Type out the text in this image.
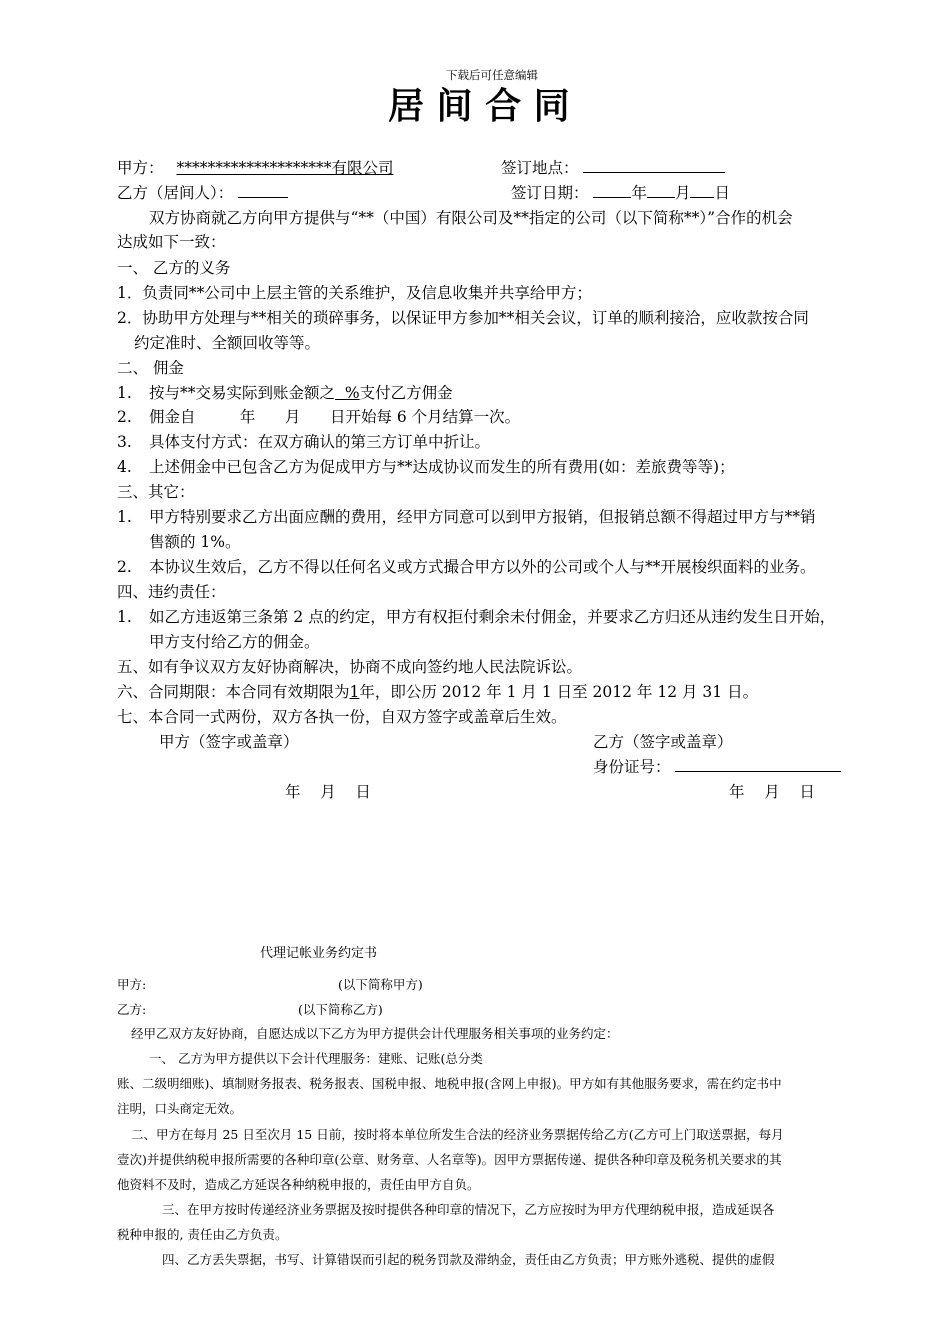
下载后可任意编辑
居 间 合 同
甲方： ********************有限公司	签订地点：
乙方（居间人）：	签订日期：	年 月 日
双方协商就乙方向甲方提供与“**（中国）有限公司及**指定的公司（以下简称**）”合作的机会
达成如下一致：
一、 乙方的义务
1．负责同**公司中上层主管的关系维护，及信息收集并共享给甲方；
2．协助甲方处理与**相关的琐碎事务，以保证甲方参加**相关会议，订单的顺利接洽，应收款按合同
约定准时、全额回收等等。
二、 佣金
1. 按与**交易实际到账金额之  %支付乙方佣金
2. 佣金自         年      月      日开始每 6 个月结算一次。
3. 具体支付方式：在双方确认的第三方订单中折让。
4. 上述佣金中已包含乙方为促成甲方与**达成协议而发生的所有费用(如：差旅费等等)；
三、其它：
1. 甲方特别要求乙方出面应酬的费用，经甲方同意可以到甲方报销，但报销总额不得超过甲方与**销
售额的 1%。
2. 本协议生效后，乙方不得以任何名义或方式撮合甲方以外的公司或个人与**开展梭织面料的业务。
四、违约责任：
1. 如乙方违返第三条第 2 点的约定，甲方有权拒付剩余未付佣金，并要求乙方归还从违约发生日开始，
甲方支付给乙方的佣金。
五、如有争议双方友好协商解决，协商不成向签约地人民法院诉讼。
六、合同期限：本合同有效期限为1年，即公历 2012 年 1 月 1 日至 2012 年 12 月 31 日。
七、本合同一式两份，双方各执一份，自双方签字或盖章后生效。
甲方（签字或盖章）	乙方（签字或盖章）
身份证号：
年    月    日	年    月    日
代理记帐业务约定书
甲方:	(以下简称甲方)
乙方:	(以下简称乙方)
经甲乙双方友好协商，自愿达成以下乙方为甲方提供会计代理服务相关事项的业务约定：
一、 乙方为甲方提供以下会计代理服务：建账、记账(总分类
账、二级明细账)、填制财务报表、税务报表、国税申报、地税申报(含网上申报)。甲方如有其他服务要求，需在约定书中
注明，口头商定无效。
二、甲方在每月 25 日至次月 15 日前，按时将本单位所发生合法的经济业务票据传给乙方(乙方可上门取送票据，每月
壹次)并提供纳税申报所需要的各种印章(公章、财务章、人名章等)。因甲方票据传递、提供各种印章及税务机关要求的其
他资料不及时，造成乙方延误各种纳税申报的，责任由甲方自负。
三、在甲方按时传递经济业务票据及按时提供各种印章的情况下，乙方应按时为甲方代理纳税申报，造成延误各
税种申报的, 责任由乙方负责。
四、乙方丢失票据，书写、计算错误而引起的税务罚款及滞纳金，责任由乙方负责；甲方账外逃税、提供的虚假
